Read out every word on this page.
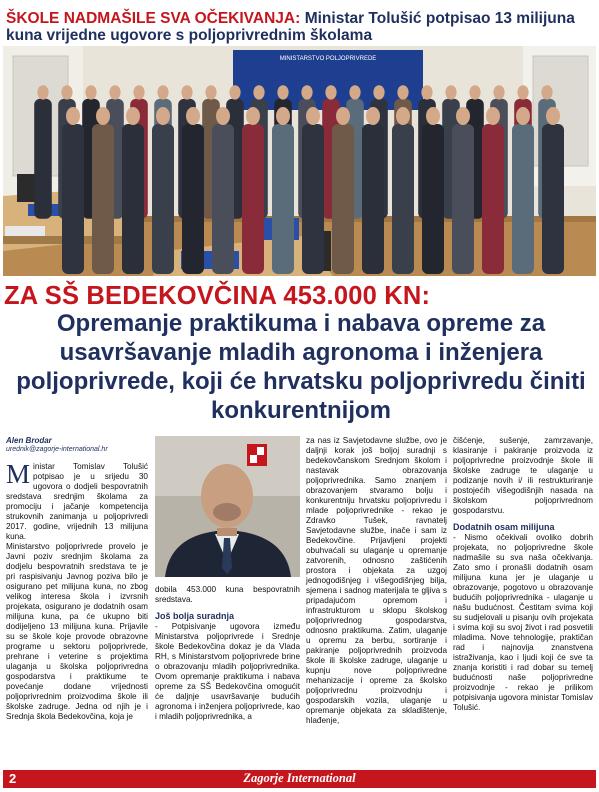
ŠKOLE NADMAŠILE SVA OČEKIVANJA: Ministar Tolušić potpisao 13 milijuna kuna vrijedne ugovore s poljoprivrednim školama
MINISTARSTVO POLJOPRIVREDE
ZA SŠ BEDEKOVČINA 453.000 KN:
Opremanje praktikuma i nabava opreme za usavršavanje mladih agronoma i inženjera poljoprivrede, koji će hrvatsku poljoprivredu činiti konkurentnijom
Alen Brodar
urednik@zagorje-international.hr
M inistar Tomislav Tolušić potpisao je u srijedu 30 ugovora o dodjeli bespovratnih sredstava srednjim školama za promociju i jačanje kompetencija strukovnih zanimanja u poljoprivredi 2017. godine, vrijednih 13 milijuna kuna.

Ministarstvo poljoprivrede provelo je Javni poziv srednjim školama za dodjelu bespovratnih sredstava te je pri raspisivanju Javnog poziva bilo je osigurano pet milijuna kuna, no zbog velikog interesa škola i izvrsnih projekata, osigurano je dodatnih osam milijuna kuna, pa će ukupno biti dodijeljeno 13 milijuna kuna. Prijavile su se škole koje provode obrazovne programe u sektoru poljoprivrede, prehrane i veterine s projektima ulaganja u školska poljoprivredna gospodarstva i praktikume te povećanje dodane vrijednosti poljoprivrednim proizvodima škole ili školske zadruge. Jedna od njih je i Srednja škola Bedekovčina, koja je

dobila 453.000 kuna bespovratnih sredstava.

Još bolja suradnja

- Potpisivanje ugovora između Ministarstva poljoprivrede i Srednje škole Bedekovčina dokaz je da Vlada RH, s Ministarstvom poljoprivrede brine o obrazovanju mladih poljoprivrednika. Ovom opremanje praktikuma i nabava opreme za SŠ Bedekovčina omogućit će daljnje usavršavanje budućih agronoma i inženjera poljoprivrede, kao i mladih poljoprivrednika, a

za nas iz Savjetodavne službe, ovo je daljnji korak još boljoj suradnji s bedekovčanskom Srednjom školom i nastavak obrazovanja poljoprivrednika. Samo znanjem i obrazovanjem stvaramo bolju i konkurentniju hrvatsku poljoprivredu i mlade poljoprivrednike - rekao je Zdravko Tušek, ravnatelj Savjetodavne službe, inače i sam iz Bedekovčine. Prijavljeni projekti obuhvaćali su ulaganje u opremanje zatvorenih, odnosno zaštićenih prostora i objekata za uzgoj jednogodišnjeg i višegodišnjeg bilja, sjemena i sadnog materijala te gljiva s pripadajućom opremom i infrastrukturom u sklopu školskog poljoprivrednog gospodarstva, odnosno praktikuma. Zatim, ulaganje u opremu za berbu, sortiranje i pakiranje poljoprivrednih proizvoda škole ili školske zadruge, ulaganje u kupnju nove poljoprivredne mehanizacije i opreme za školsko poljoprivrednu proizvodnju i gospodarskih vozila, ulaganje u opremanje objekata za skladištenje, hlađenje,

čišćenje, sušenje, zamrzavanje, klasiranje i pakiranje proizvoda iz poljoprivredne proizvodnje škole ili školske zadruge te ulaganje u podizanje novih i/ ili restrukturiranje postojećih višegodišnjih nasada na školskom poljoprivrednom gospodarstvu.

Dodatnih osam milijuna

- Nismo očekivali ovoliko dobrih projekata, no poljoprivredne škole nadmašile su sva naša očekivanja. Zato smo i pronašli dodatnih osam milijuna kuna jer je ulaganje u obrazovanje, pogotovo u obrazovanje budućih poljoprivrednika - ulaganje u našu budućnost. Čestitam svima koji su sudjelovali u pisanju ovih projekata i svima koji su svoj život i rad posvetili mladima. Nove tehnologije, praktičan rad i najnovija znanstvena istraživanja, kao i ljudi koji će sve ta znanja koristiti i rad dobar su temelj budućnosti naše poljoprivredne proizvodnje - rekao je prilikom potpisivanja ugovora ministar Tomislav Tolušić.

2	Zagorje International
